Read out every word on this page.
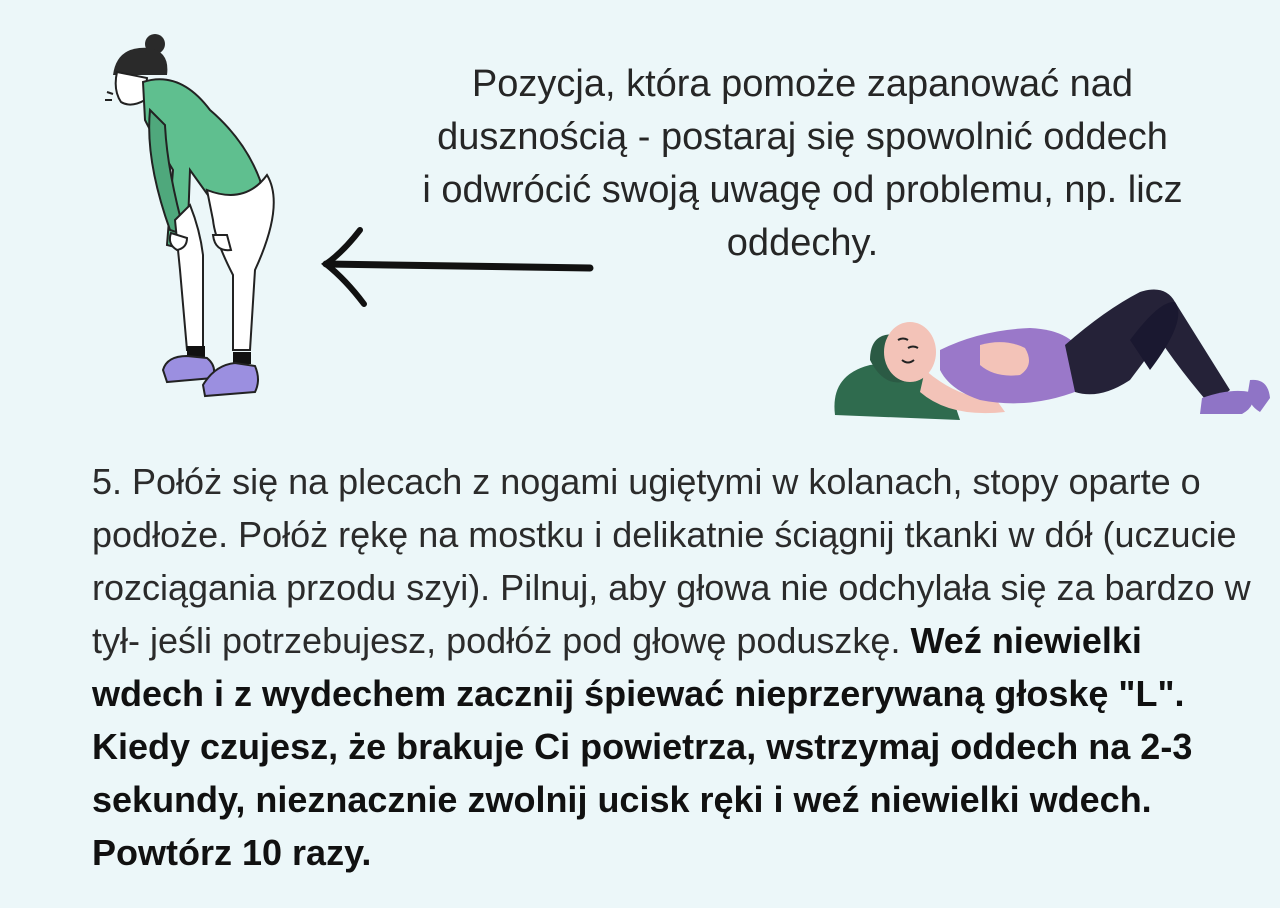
Pozycja, która pomoże zapanować nad
dusznością - postaraj się spowolnić oddech
i odwrócić swoją uwagę od problemu, np. licz
oddechy.

5. Połóż się na plecach z nogami ugiętymi w kolanach, stopy oparte o podłoże. Połóż rękę na mostku i delikatnie ściągnij tkanki w dół (uczucie rozciągania przodu szyi). Pilnuj, aby głowa nie odchylała się za bardzo w tył- jeśli potrzebujesz, podłóż pod głowę poduszkę. Weź niewielki wdech i z wydechem zacznij śpiewać nieprzerywaną głoskę "L". Kiedy czujesz, że brakuje Ci powietrza, wstrzymaj oddech na 2-3 sekundy, nieznacznie zwolnij ucisk ręki i weź niewielki wdech. Powtórz 10 razy.
